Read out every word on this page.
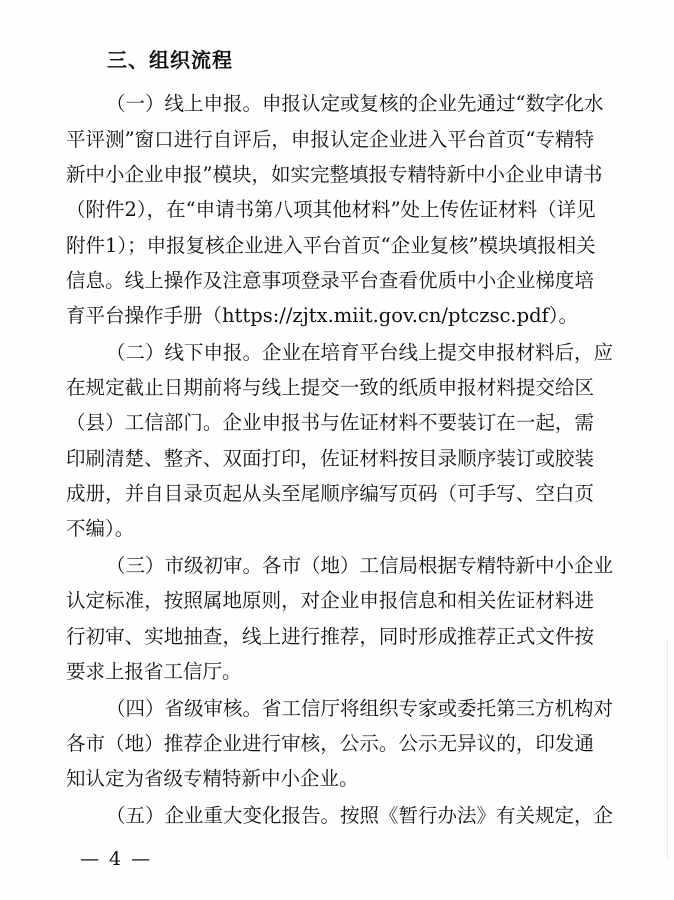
三、组织流程
（一）线上申报。申报认定或复核的企业先通过“数字化水
平评测”窗口进行自评后，申报认定企业进入平台首页“专精特
新中小企业申报”模块，如实完整填报专精特新中小企业申请书
（附件2），在“申请书第八项其他材料”处上传佐证材料（详见
附件1）；申报复核企业进入平台首页“企业复核”模块填报相关
信息。线上操作及注意事项登录平台查看优质中小企业梯度培
育平台操作手册（https://zjtx.miit.gov.cn/ptczsc.pdf）。
（二）线下申报。企业在培育平台线上提交申报材料后，应
在规定截止日期前将与线上提交一致的纸质申报材料提交给区
（县）工信部门。企业申报书与佐证材料不要装订在一起，需
印刷清楚、整齐、双面打印，佐证材料按目录顺序装订或胶装
成册，并自目录页起从头至尾顺序编写页码（可手写、空白页
不编）。
（三）市级初审。各市（地）工信局根据专精特新中小企业
认定标准，按照属地原则，对企业申报信息和相关佐证材料进
行初审、实地抽查，线上进行推荐，同时形成推荐正式文件按
要求上报省工信厅。
（四）省级审核。省工信厅将组织专家或委托第三方机构对
各市（地）推荐企业进行审核，公示。公示无异议的，印发通
知认定为省级专精特新中小企业。
（五）企业重大变化报告。按照《暂行办法》有关规定，企
— 4 —
